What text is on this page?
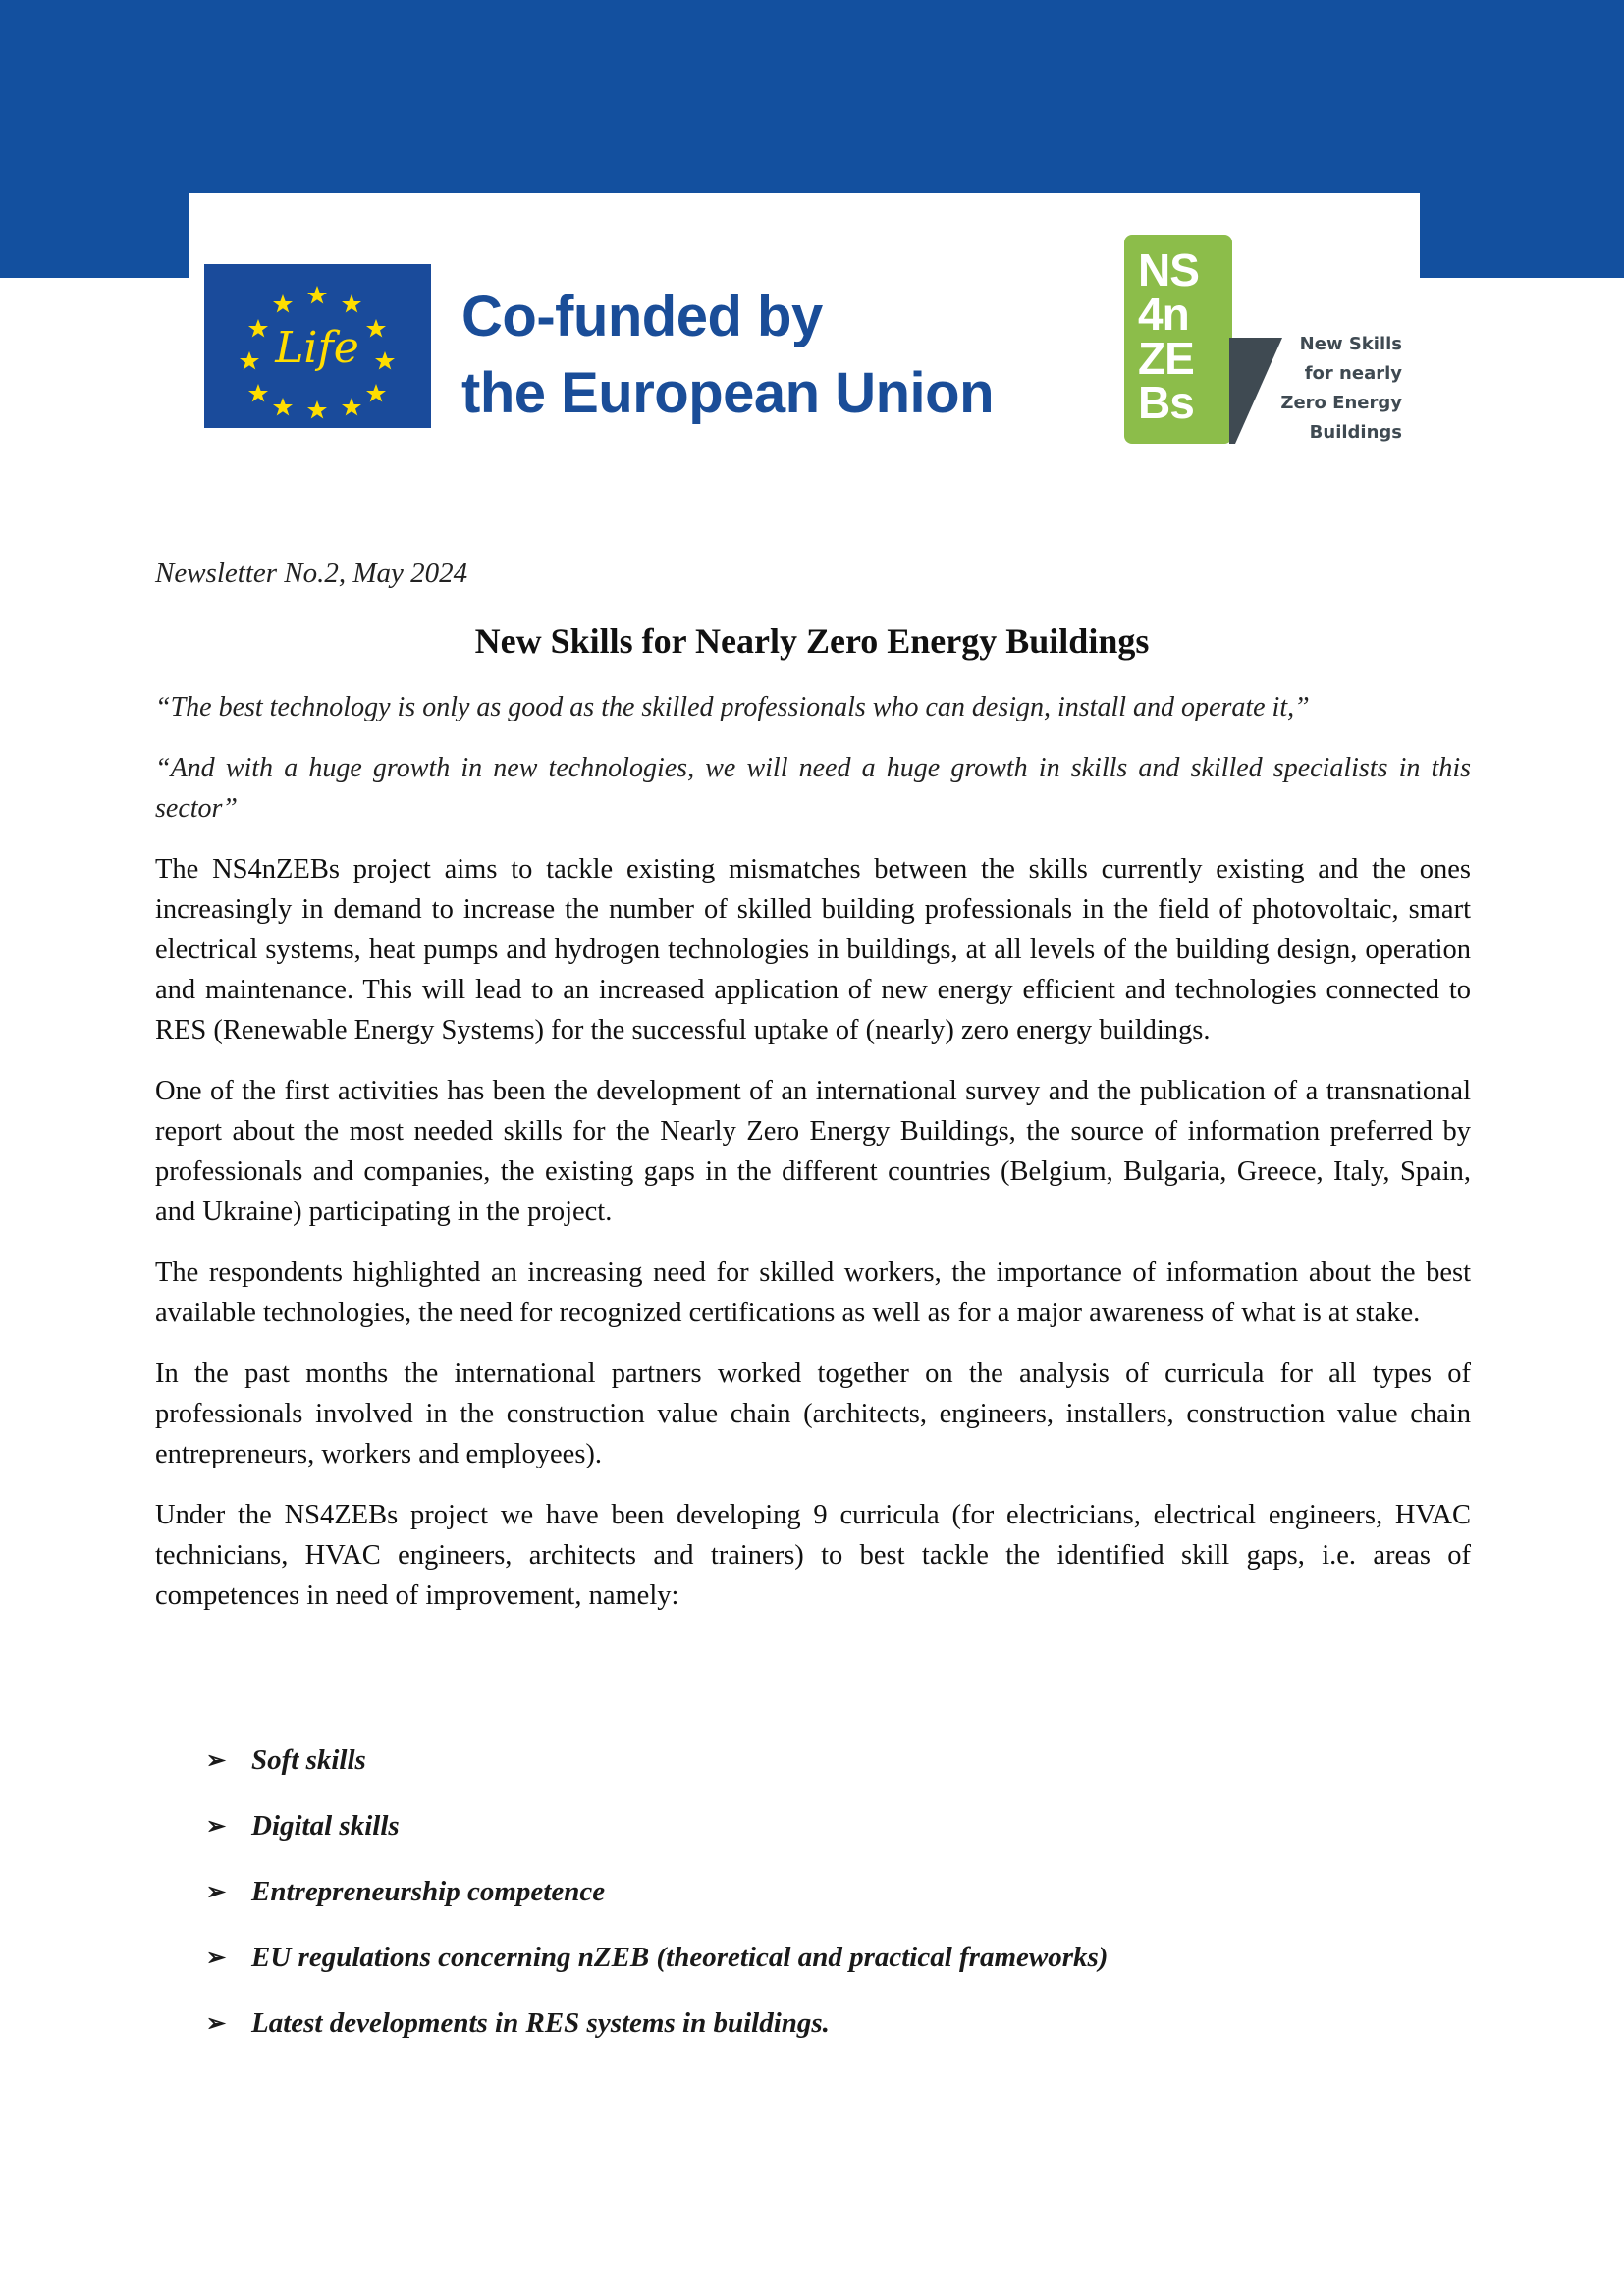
Life Co-funded by
the European Union
NS
4n
ZE
Bs
New Skills
for nearly
Zero Energy
Buildings
Newsletter No.2, May 2024
New Skills for Nearly Zero Energy Buildings

“The best technology is only as good as the skilled professionals who can design, install and operate it,”

“And with a huge growth in new technologies, we will need a huge growth in skills and skilled specialists in this sector”

The NS4nZEBs project aims to tackle existing mismatches between the skills currently existing and the ones increasingly in demand to increase the number of skilled building professionals in the field of photovoltaic, smart electrical systems, heat pumps and hydrogen technologies in buildings, at all levels of the building design, operation and maintenance. This will lead to an increased application of new energy efficient and technologies connected to RES (Renewable Energy Systems) for the successful uptake of (nearly) zero energy buildings.

One of the first activities has been the development of an international survey and the publication of a transnational report about the most needed skills for the Nearly Zero Energy Buildings, the source of information preferred by professionals and companies, the existing gaps in the different countries (Belgium, Bulgaria, Greece, Italy, Spain, and Ukraine) participating in the project.

The respondents highlighted an increasing need for skilled workers, the importance of information about the best available technologies, the need for recognized certifications as well as for a major awareness of what is at stake.

In the past months the international partners worked together on the analysis of curricula for all types of professionals involved in the construction value chain (architects, engineers, installers, construction value chain entrepreneurs, workers and employees).

Under the NS4ZEBs project we have been developing 9 curricula (for electricians, electrical engineers, HVAC technicians, HVAC engineers, architects and trainers) to best tackle the identified skill gaps, i.e. areas of competences in need of improvement, namely:

➢ Soft skills
➢ Digital skills
➢ Entrepreneurship competence
➢ EU regulations concerning nZEB (theoretical and practical frameworks)
➢ Latest developments in RES systems in buildings.
